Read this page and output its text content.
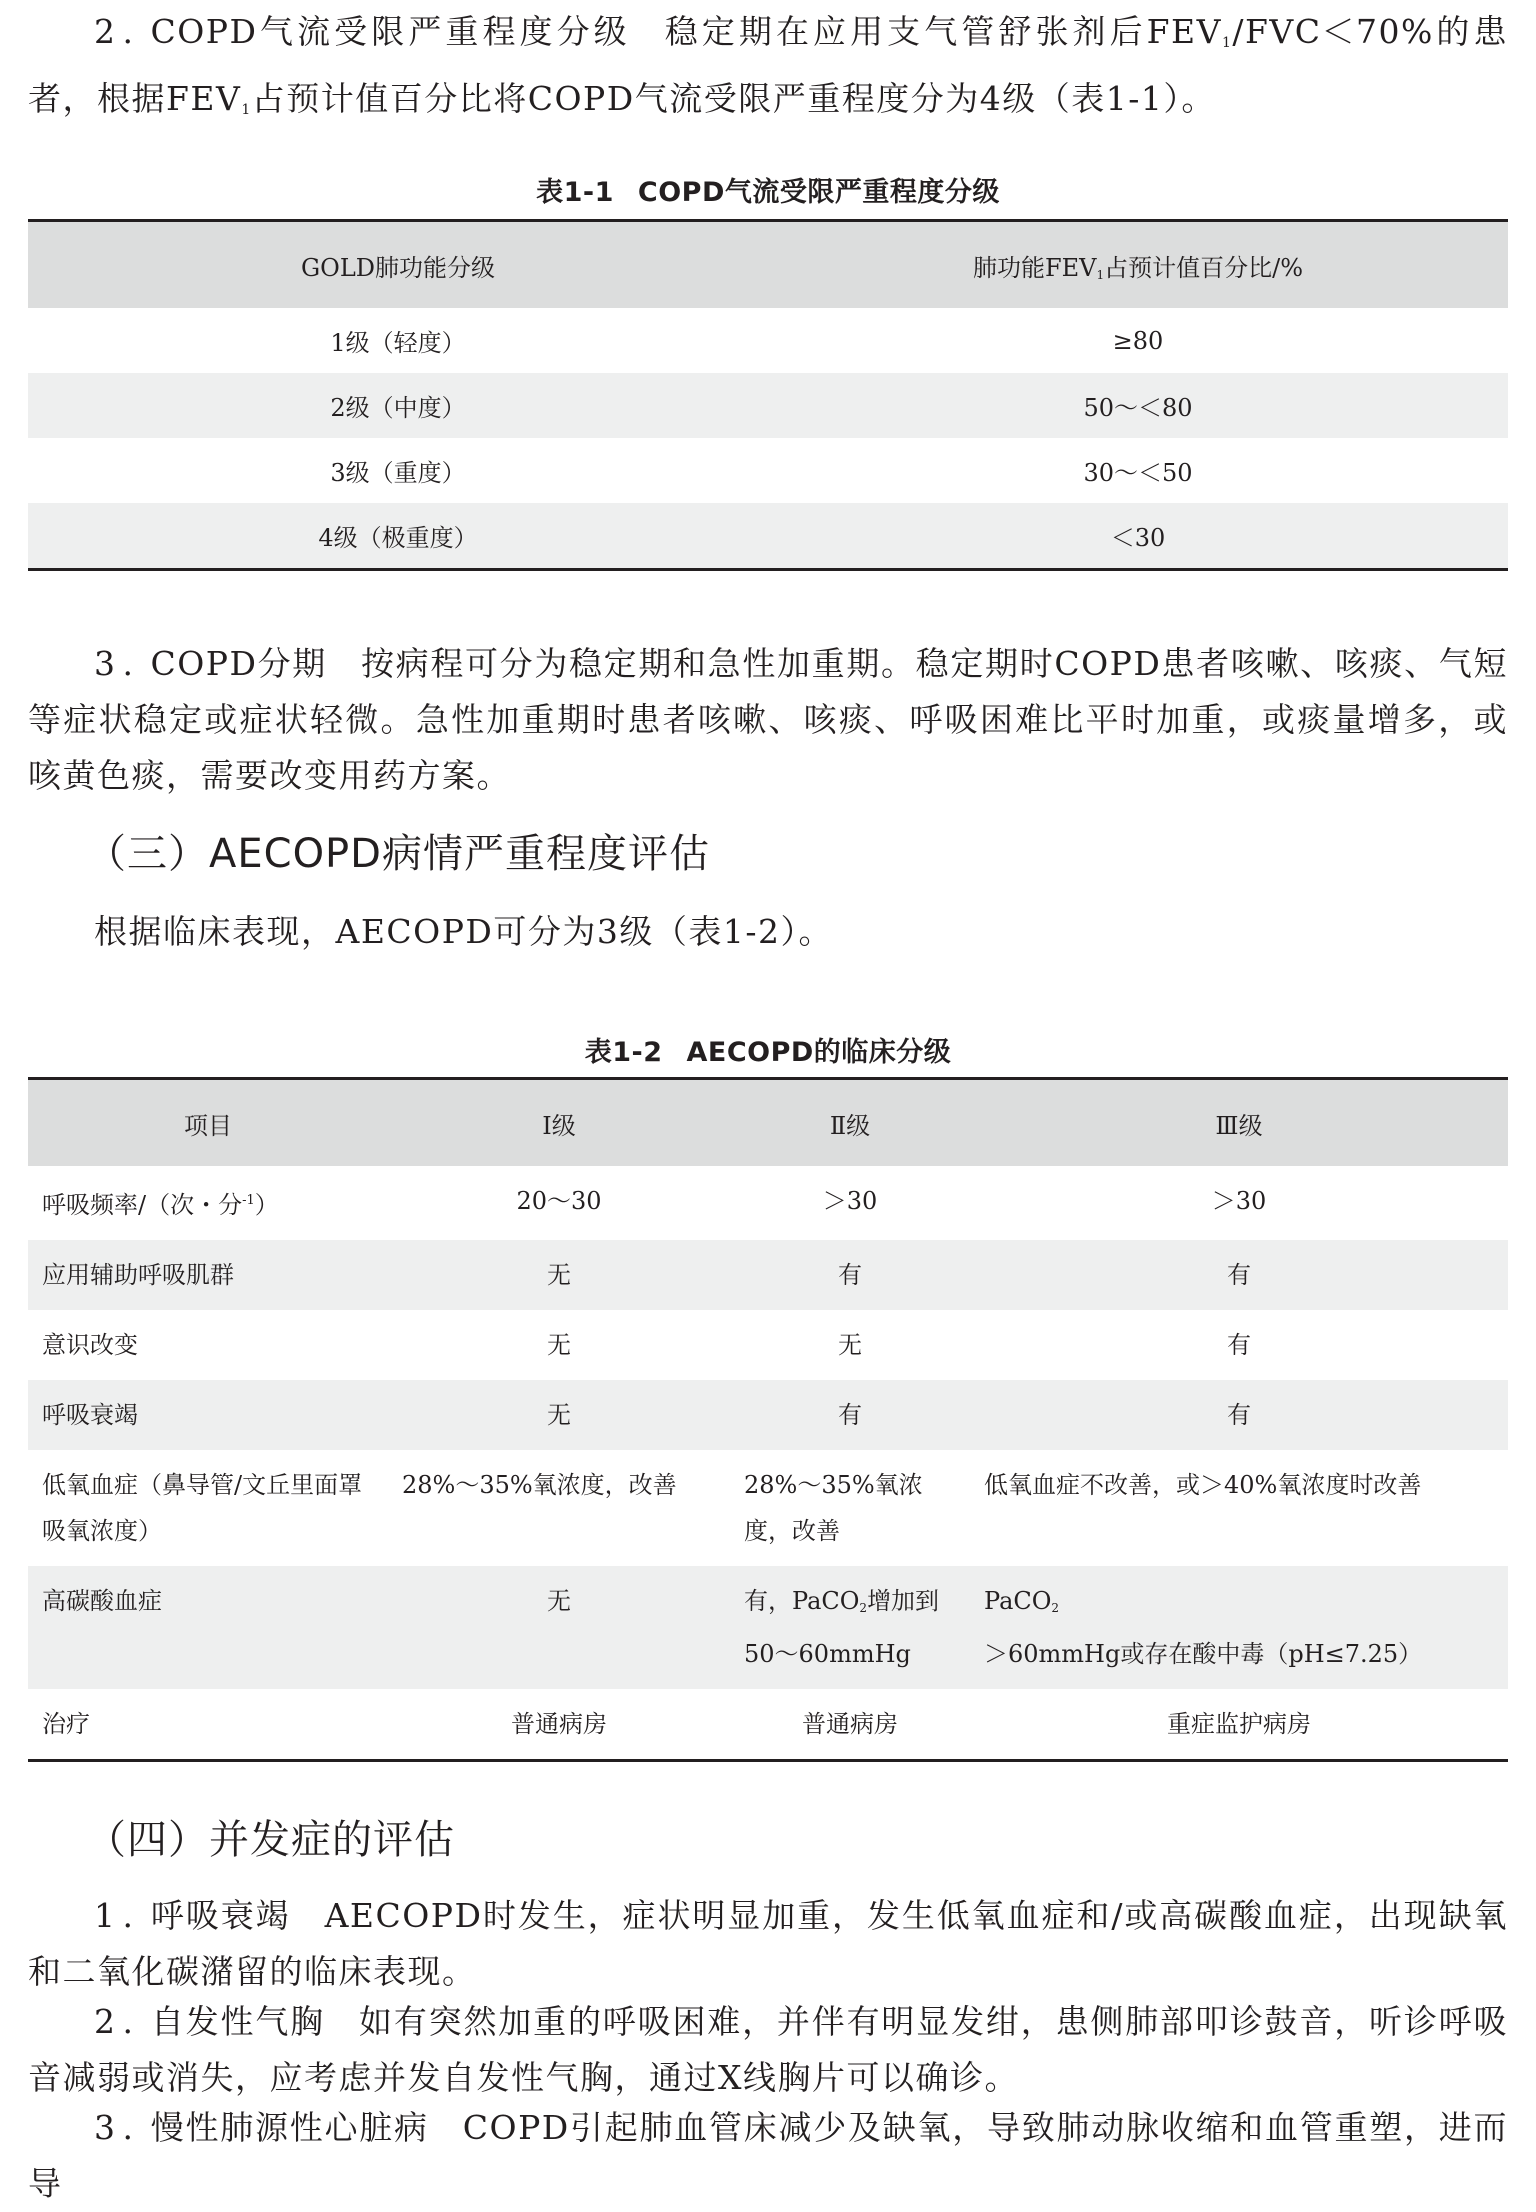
2 . COPD气流受限严重程度分级 稳定期在应用支气管舒张剂后$FEV_1/FVC<70\%$的患者，根据$FEV_1$占预计值百分比将COPD气流受限严重程度分为4级（表1-1）。

表1-1 COPD气流受限严重程度分级
GOLD肺功能分级	肺功能$FEV_1$占预计值百分比/%
1级（轻度）	≥80
2级（中度）	50～＜80
3级（重度）	30～＜50
4级（极重度）	＜30

3 . COPD分期 按病程可分为稳定期和急性加重期。稳定期时COPD患者咳嗽、咳痰、气短等症状稳定或症状轻微。急性加重期时患者咳嗽、咳痰、呼吸困难比平时加重，或痰量增多，或咳黄色痰，需要改变用药方案。

（三）AECOPD病情严重程度评估

根据临床表现，AECOPD可分为3级（表1-2）。

表1-2 AECOPD的临床分级
项目	Ⅰ级	Ⅱ级	Ⅲ级
呼吸频率/（次・分$^{-1}$）	20～30	＞30	＞30
应用辅助呼吸肌群	无	有	有
意识改变	无	无	有
呼吸衰竭	无	有	有
低氧血症（鼻导管/文丘里面罩吸氧浓度）	28%～35%氧浓度，改善	28%～35%氧浓度，改善	低氧血症不改善，或＞40%氧浓度时改善
高碳酸血症	无	有，PaCO$_2$增加到50～60mmHg	PaCO$_2$＞60mmHg或存在酸中毒（pH≤7.25）
治疗	普通病房	普通病房	重症监护病房
（四）并发症的评估

1 . 呼吸衰竭 AECOPD时发生，症状明显加重，发生低氧血症和/或高碳酸血症，出现缺氧和二氧化碳潴留的临床表现。

2 . 自发性气胸 如有突然加重的呼吸困难，并伴有明显发绀，患侧肺部叩诊鼓音，听诊呼吸音减弱或消失，应考虑并发自发性气胸，通过X线胸片可以确诊。

3 . 慢性肺源性心脏病 COPD引起肺血管床减少及缺氧，导致肺动脉收缩和血管重塑，进而导
